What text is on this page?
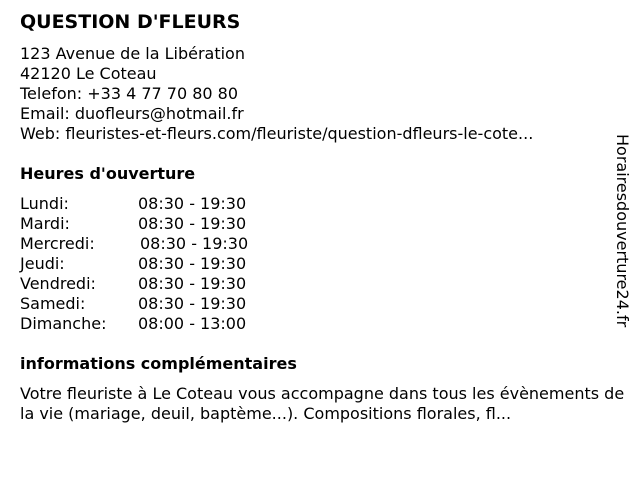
QUESTION D'FLEURS
123 Avenue de la Libération
42120 Le Coteau
Telefon: +33 4 77 70 80 80
Email: duofleurs@hotmail.fr
Web: fleuristes-et-fleurs.com/fleuriste/question-dfleurs-le-cote...
Heures d'ouverture
Lundi:	08:30 - 19:30
Mardi:	08:30 - 19:30
Mercredi:	08:30 - 19:30
Jeudi:	08:30 - 19:30
Vendredi:	08:30 - 19:30
Samedi:	08:30 - 19:30
Dimanche: 08:00 - 13:00
informations complémentaires
Votre fleuriste à Le Coteau vous accompagne dans tous les évènements de la vie (mariage, deuil, baptème...). Compositions florales, fl...
Horairesdouverture24.fr
